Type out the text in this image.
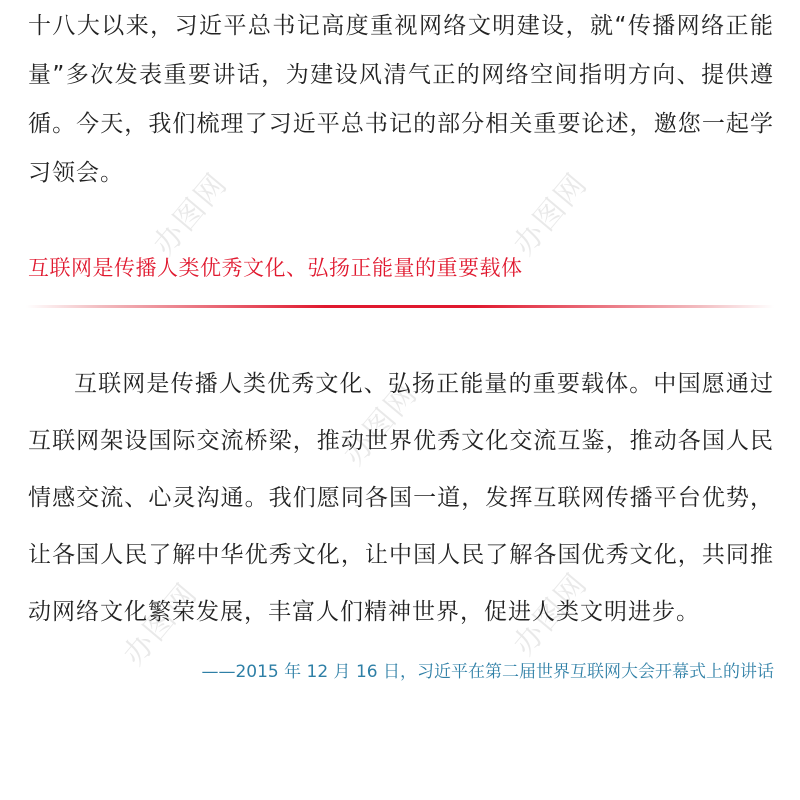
办图网	办图网
办图网
办图网	办图网

十八大以来，习近平总书记高度重视网络文明建设，就“传播网络正能量”多次发表重要讲话，为建设风清气正的网络空间指明方向、提供遵循。今天，我们梳理了习近平总书记的部分相关重要论述，邀您一起学习领会。

互联网是传播人类优秀文化、弘扬正能量的重要载体

互联网是传播人类优秀文化、弘扬正能量的重要载体。中国愿通过互联网架设国际交流桥梁，推动世界优秀文化交流互鉴，推动各国人民情感交流、心灵沟通。我们愿同各国一道，发挥互联网传播平台优势，让各国人民了解中华优秀文化，让中国人民了解各国优秀文化，共同推动网络文化繁荣发展，丰富人们精神世界，促进人类文明进步。

——2015 年 12 月 16 日，习近平在第二届世界互联网大会开幕式上的讲话
